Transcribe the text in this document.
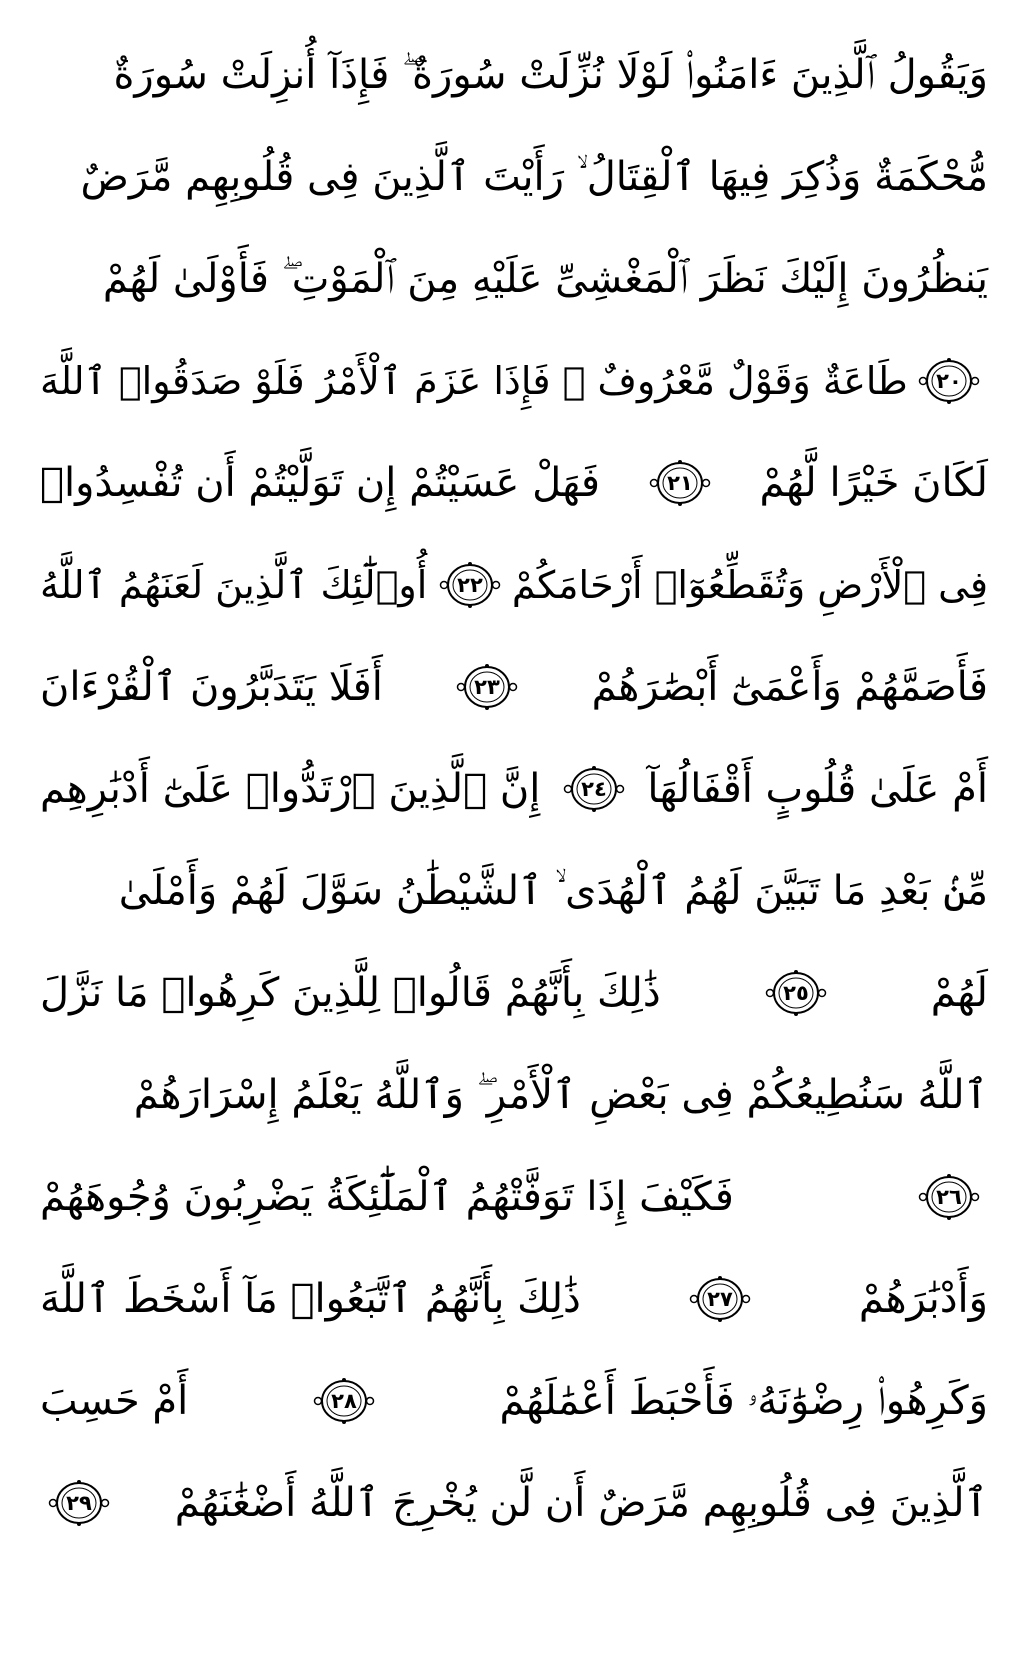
وَيَقُولُ ٱلَّذِينَ ءَامَنُوا۟ لَوْلَا نُزِّلَتْ سُورَةٌ ۖ فَإِذَآ أُنزِلَتْ سُورَةٌ
مُّحْكَمَةٌ وَذُكِرَ فِيهَا ٱلْقِتَالُ ۙ رَأَيْتَ ٱلَّذِينَ فِى قُلُوبِهِم مَّرَضٌ
يَنظُرُونَ إِلَيْكَ نَظَرَ ٱلْمَغْشِىِّ عَلَيْهِ مِنَ ٱلْمَوْتِ ۖ فَأَوْلَىٰ لَهُمْ
٢٠
طَاعَةٌ وَقَوْلٌ مَّعْرُوفٌ ۚ فَإِذَا عَزَمَ ٱلْأَمْرُ فَلَوْ صَدَقُوا۟ ٱللَّهَ
لَكَانَ خَيْرًا لَّهُمْ
٢١
فَهَلْ عَسَيْتُمْ إِن تَوَلَّيْتُمْ أَن تُفْسِدُوا۟
فِى ٱلْأَرْضِ وَتُقَطِّعُوٓا۟ أَرْحَامَكُمْ
٢٢
أُو۟لَٰٓئِكَ ٱلَّذِينَ لَعَنَهُمُ ٱللَّهُ
فَأَصَمَّهُمْ وَأَعْمَىٰٓ أَبْصَٰرَهُمْ
٢٣
أَفَلَا يَتَدَبَّرُونَ ٱلْقُرْءَانَ
أَمْ عَلَىٰ قُلُوبٍ أَقْفَالُهَآ
٢٤
إِنَّ ٱلَّذِينَ ٱرْتَدُّوا۟ عَلَىٰٓ أَدْبَٰرِهِم
مِّنۢ بَعْدِ مَا تَبَيَّنَ لَهُمُ ٱلْهُدَى ۙ ٱلشَّيْطَٰنُ سَوَّلَ لَهُمْ وَأَمْلَىٰ
لَهُمْ
٢٥
ذَٰلِكَ بِأَنَّهُمْ قَالُوا۟ لِلَّذِينَ كَرِهُوا۟ مَا نَزَّلَ
ٱللَّهُ سَنُطِيعُكُمْ فِى بَعْضِ ٱلْأَمْرِ ۖ وَٱللَّهُ يَعْلَمُ إِسْرَارَهُمْ
٢٦
فَكَيْفَ إِذَا تَوَفَّتْهُمُ ٱلْمَلَٰٓئِكَةُ يَضْرِبُونَ وُجُوهَهُمْ
وَأَدْبَٰرَهُمْ
٢٧
ذَٰلِكَ بِأَنَّهُمُ ٱتَّبَعُوا۟ مَآ أَسْخَطَ ٱللَّهَ
وَكَرِهُوا۟ رِضْوَٰنَهُۥ فَأَحْبَطَ أَعْمَٰلَهُمْ
٢٨
أَمْ حَسِبَ
ٱلَّذِينَ فِى قُلُوبِهِم مَّرَضٌ أَن لَّن يُخْرِجَ ٱللَّهُ أَضْغَٰنَهُمْ
٢٩
